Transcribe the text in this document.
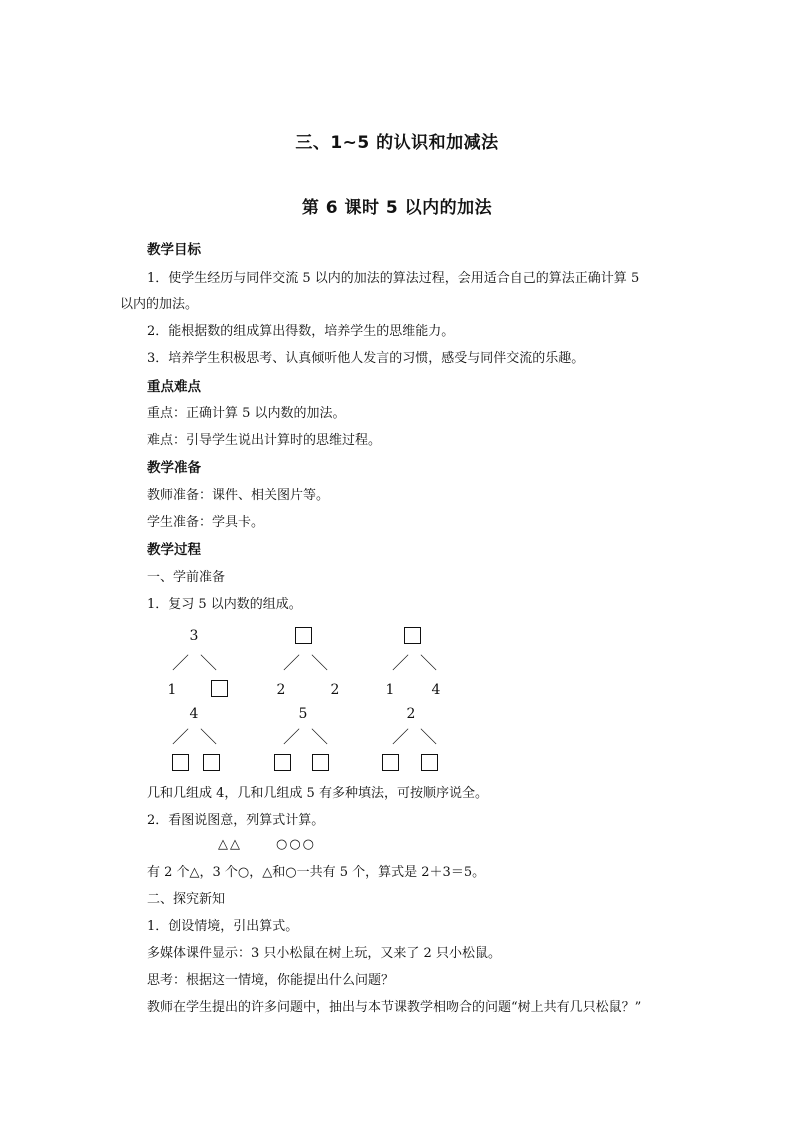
三、1~5 的认识和加减法
第 6 课时 5 以内的加法
教学目标
1．使学生经历与同伴交流 5 以内的加法的算法过程，会用适合自己的算法正确计算 5
以内的加法。
2．能根据数的组成算出得数，培养学生的思维能力。
3．培养学生积极思考、认真倾听他人发言的习惯，感受与同伴交流的乐趣。
重点难点
重点：正确计算 5 以内数的加法。
难点：引导学生说出计算时的思维过程。
教学准备
教师准备：课件、相关图片等。
学生准备：学具卡。
教学过程
一、学前准备
1．复习 5 以内数的组成。
3
／ ＼
1
／ ＼
2	2
／ ＼
1	4
4
／ ＼
5
／ ＼
2
／ ＼
几和几组成 4，几和几组成 5 有多种填法，可按顺序说全。
2．看图说图意，列算式计算。
△△	○○○
有 2 个△，3 个○，△和○一共有 5 个，算式是 2＋3＝5。
二、探究新知
1．创设情境，引出算式。
多媒体课件显示：3 只小松鼠在树上玩，又来了 2 只小松鼠。
思考：根据这一情境，你能提出什么问题？
教师在学生提出的许多问题中，抽出与本节课教学相吻合的问题“树上共有几只松鼠？”
